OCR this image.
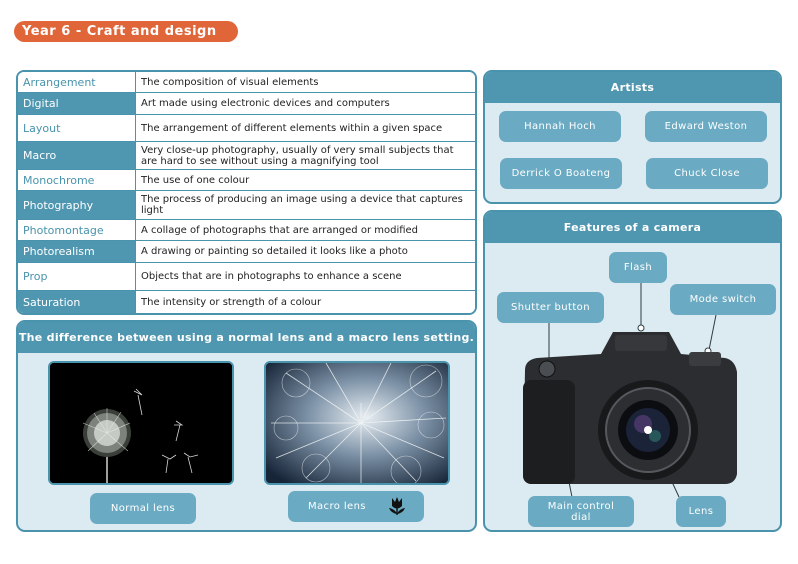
Year 6 - Craft and design
Arrangement	The composition of visual elements
Digital	Art made using electronic devices and computers
Layout	The arrangement of different elements within a given space
Macro	Very close-up photography, usually of very small subjects that are hard to see without using a magnifying tool
Monochrome	The use of one colour
Photography	The process of producing an image using a device that captures light
Photomontage	A collage of photographs that are arranged or modified
Photorealism	A drawing or painting so detailed it looks like a photo
Prop	Objects that are in photographs to enhance a scene
Saturation	The intensity or strength of a colour
The difference between using a normal lens and a macro lens setting.
Normal lens	Macro lens
Artists
Hannah Hoch	Edward Weston
Derrick O Boateng	Chuck Close
Features of a camera
Flash
Shutter button
Mode switch
Main control dial	Lens
